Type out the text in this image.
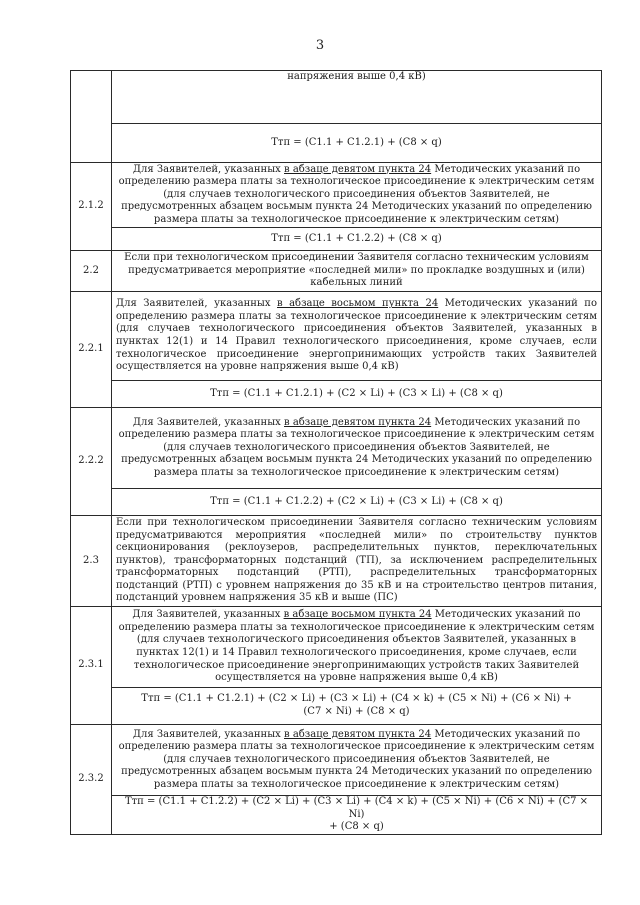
3
	напряжения выше 0,4 кВ)
	Tтп = (C1.1 + C1.2.1) + (C8 × q)
2.1.2	Для Заявителей, указанных в абзаце девятом пункта 24 Методических указаний по определению размера платы за технологическое присоединение к электрическим сетям (для случаев технологического присоединения объектов Заявителей, не предусмотренных абзацем восьмым пункта 24 Методических указаний по определению размера платы за технологическое присоединение к электрическим сетям)
	Tтп = (C1.1 + C1.2.2) + (C8 × q)
2.2	Если при технологическом присоединении Заявителя согласно техническим условиям предусматривается мероприятие «последней мили» по прокладке воздушных и (или) кабельных линий
2.2.1	Для Заявителей, указанных в абзаце восьмом пункта 24 Методических указаний по определению размера платы за технологическое присоединение к электрическим сетям (для случаев технологического присоединения объектов Заявителей, указанных в пунктах 12(1) и 14 Правил технологического присоединения, кроме случаев, если технологическое присоединение энергопринимающих устройств таких Заявителей осуществляется на уровне напряжения выше 0,4 кВ)
	Tтп = (C1.1 + C1.2.1) + (C2 × Li) + (C3 × Li) + (C8 × q)
2.2.2	Для Заявителей, указанных в абзаце девятом пункта 24 Методических указаний по определению размера платы за технологическое присоединение к электрическим сетям (для случаев технологического присоединения объектов Заявителей, не предусмотренных абзацем восьмым пункта 24 Методических указаний по определению размера платы за технологическое присоединение к электрическим сетям)
	Tтп = (C1.1 + C1.2.2) + (C2 × Li) + (C3 × Li) + (C8 × q)
2.3	Если при технологическом присоединении Заявителя согласно техническим условиям предусматриваются мероприятия «последней мили» по строительству пунктов секционирования (реклоузеров, распределительных пунктов, переключательных пунктов), трансформаторных подстанций (ТП), за исключением распределительных трансформаторных подстанций (РТП), распределительных трансформаторных подстанций (РТП) с уровнем напряжения до 35 кВ и на строительство центров питания, подстанций уровнем напряжения 35 кВ и выше (ПС)
2.3.1	Для Заявителей, указанных в абзаце восьмом пункта 24 Методических указаний по определению размера платы за технологическое присоединение к электрическим сетям (для случаев технологического присоединения объектов Заявителей, указанных в пунктах 12(1) и 14 Правил технологического присоединения, кроме случаев, если технологическое присоединение энергопринимающих устройств таких Заявителей осуществляется на уровне напряжения выше 0,4 кВ)

	Tтп = (C1.1 + C1.2.1) + (C2 × Li) + (C3 × Li) + (C4 × k) + (C5 × Ni) + (C6 × Ni) +
(C7 × Ni) + (C8 × q)

2.3.2	Для Заявителей, указанных в абзаце девятом пункта 24 Методических указаний по определению размера платы за технологическое присоединение к электрическим сетям (для случаев технологического присоединения объектов Заявителей, не предусмотренных абзацем восьмым пункта 24 Методических указаний по определению размера платы за технологическое присоединение к электрическим сетям)

	Tтп = (C1.1 + C1.2.2) + (C2 × Li) + (C3 × Li) + (C4 × k) + (C5 × Ni) + (C6 × Ni) + (C7 × Ni)
+ (C8 × q)
